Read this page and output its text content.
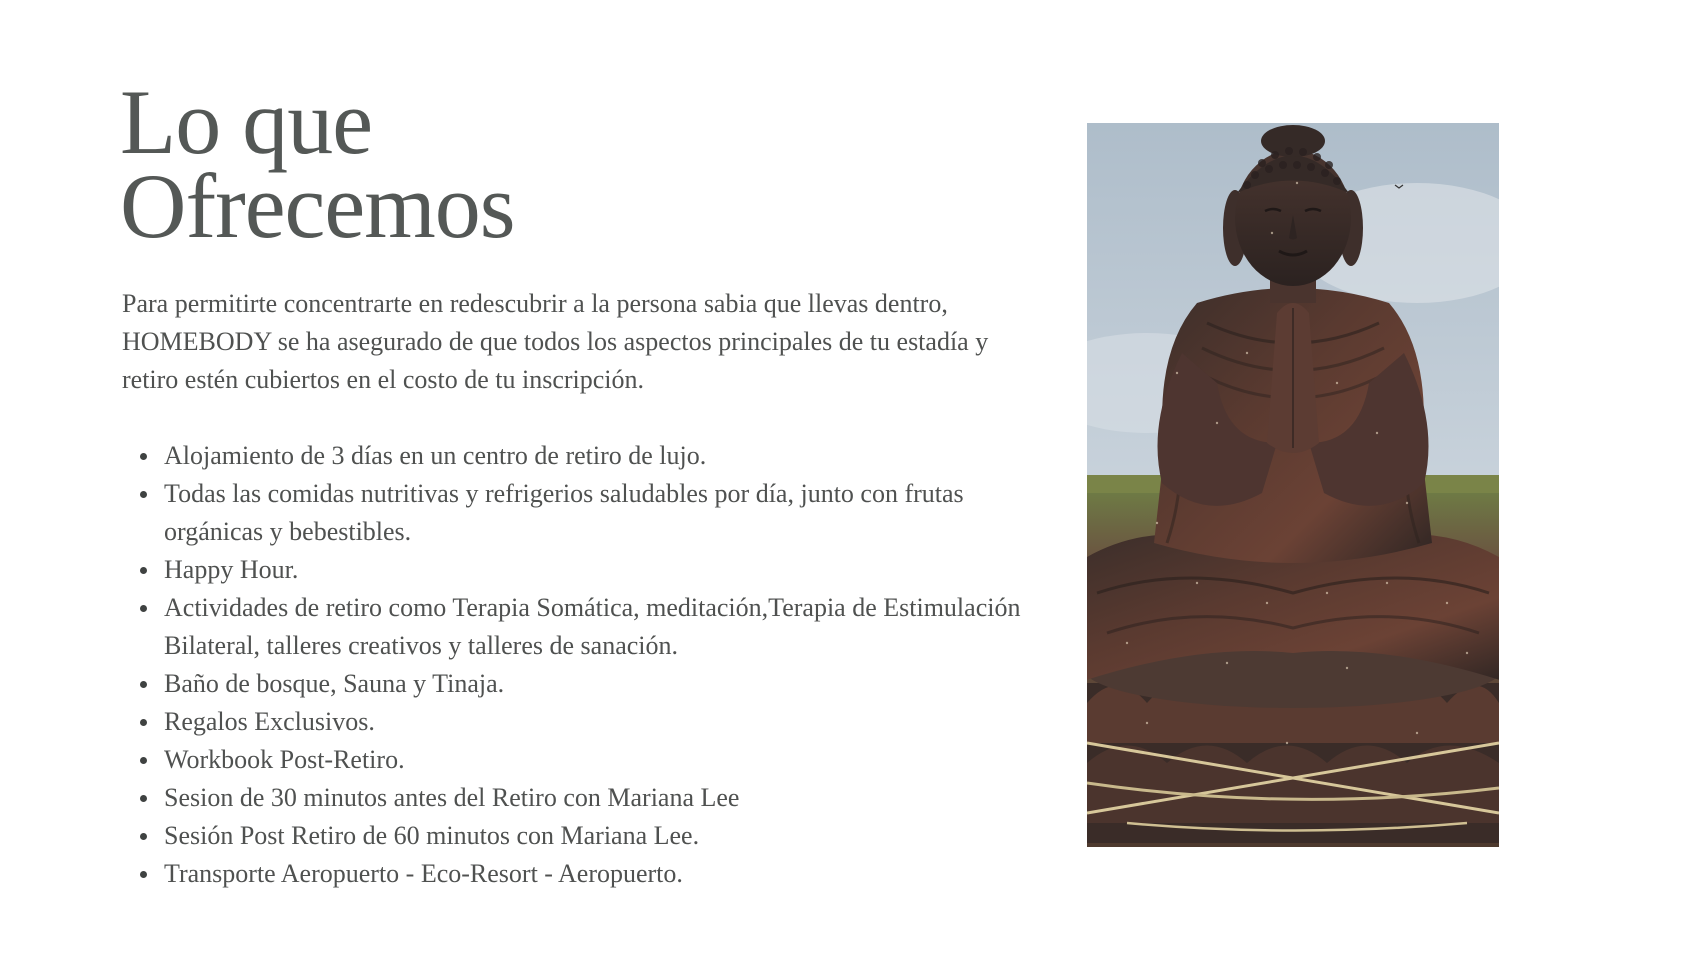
Lo que
Ofrecemos

Para permitirte concentrarte en redescubrir a la persona sabia que llevas dentro, HOMEBODY se ha asegurado de que todos los aspectos principales de tu estadía y retiro estén cubiertos en el costo de tu inscripción.

Alojamiento de 3 días en un centro de retiro de lujo.
Todas las comidas nutritivas y refrigerios saludables por día, junto con frutas orgánicas y bebestibles.
Happy Hour.
Actividades de retiro como Terapia Somática, meditación,Terapia de Estimulación Bilateral, talleres creativos y talleres de sanación.
Baño de bosque, Sauna y Tinaja.
Regalos Exclusivos.
Workbook Post-Retiro.
Sesion de 30 minutos antes del Retiro con Mariana Lee
Sesión Post Retiro de 60 minutos con Mariana Lee.
Transporte Aeropuerto - Eco-Resort - Aeropuerto.
